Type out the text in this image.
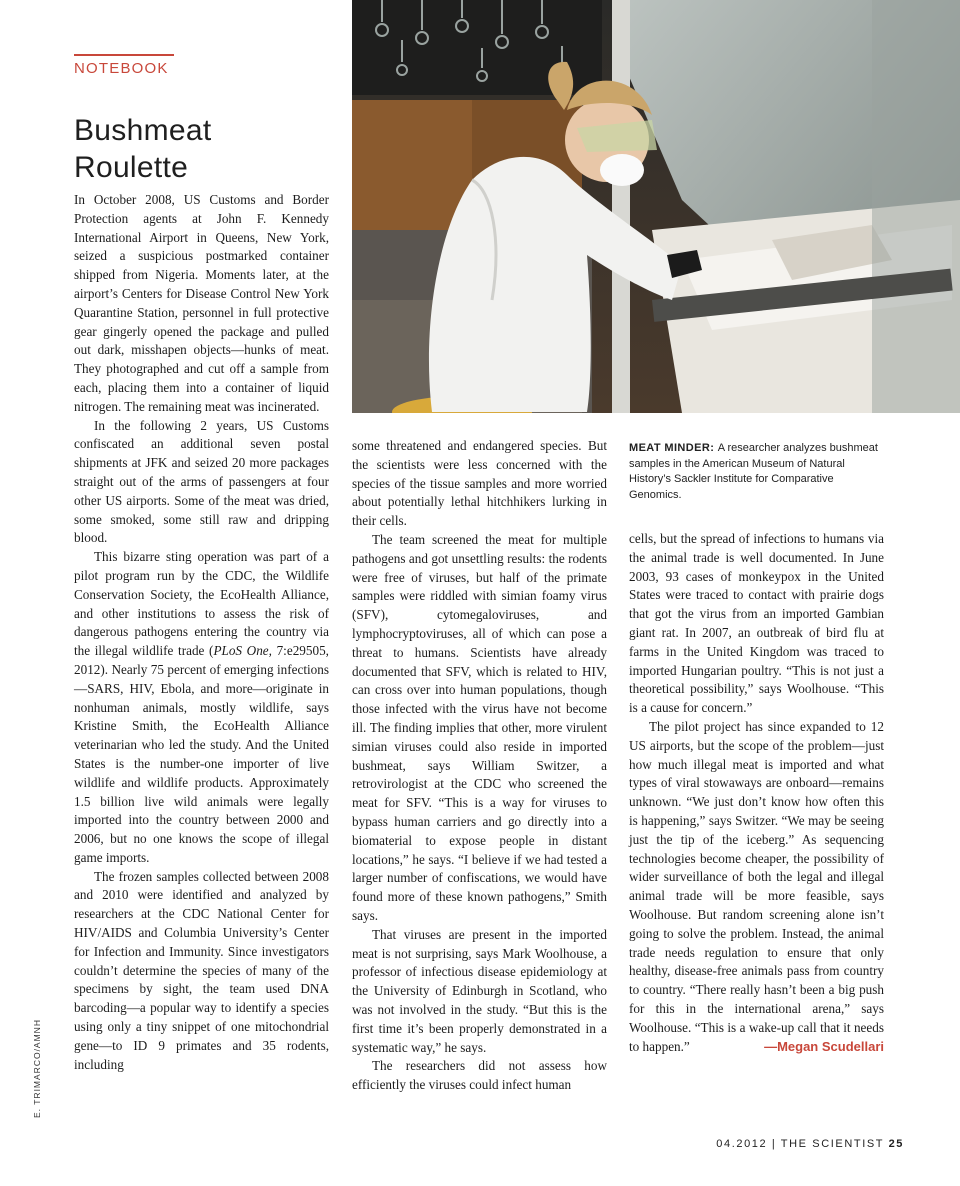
NOTEBOOK
Bushmeat
Roulette

MEAT MINDER: A researcher analyzes bushmeat samples in the American Museum of Natural History’s Sackler Institute for Comparative Genomics.

In October 2008, US Customs and Border Protection agents at John F. Kennedy International Airport in Queens, New York, seized a suspicious postmarked container shipped from Nigeria. Moments later, at the airport’s Centers for Disease Control New York Quarantine Station, personnel in full protective gear gingerly opened the package and pulled out dark, misshapen objects—hunks of meat. They photographed and cut off a sample from each, placing them into a container of liquid nitrogen. The remaining meat was incinerated.

In the following 2 years, US Customs confiscated an additional seven postal shipments at JFK and seized 20 more packages straight out of the arms of passengers at four other US airports. Some of the meat was dried, some smoked, some still raw and dripping blood.

This bizarre sting operation was part of a pilot program run by the CDC, the Wildlife Conservation Society, the EcoHealth Alliance, and other institutions to assess the risk of dangerous pathogens entering the country via the illegal wildlife trade (PLoS One, 7:e29505, 2012). Nearly 75 percent of emerging infections—SARS, HIV, Ebola, and more—originate in nonhuman animals, mostly wildlife, says Kristine Smith, the EcoHealth Alliance veterinarian who led the study. And the United States is the number-one importer of live wildlife and wildlife products. Approximately 1.5 billion live wild animals were legally imported into the country between 2000 and 2006, but no one knows the scope of illegal game imports.

The frozen samples collected between 2008 and 2010 were identified and analyzed by researchers at the CDC National Center for HIV/AIDS and Columbia University’s Center for Infection and Immunity. Since investigators couldn’t determine the species of many of the specimens by sight, the team used DNA barcoding—a popular way to identify a species using only a tiny snippet of one mitochondrial gene—to ID 9 primates and 35 rodents, including

some threatened and endangered species. But the scientists were less concerned with the species of the tissue samples and more worried about potentially lethal hitchhikers lurking in their cells.

The team screened the meat for multiple pathogens and got unsettling results: the rodents were free of viruses, but half of the primate samples were riddled with simian foamy virus (SFV), cytomegaloviruses, and lymphocryptoviruses, all of which can pose a threat to humans. Scientists have already documented that SFV, which is related to HIV, can cross over into human populations, though those infected with the virus have not become ill. The finding implies that other, more virulent simian viruses could also reside in imported bushmeat, says William Switzer, a retrovirologist at the CDC who screened the meat for SFV. “This is a way for viruses to bypass human carriers and go directly into a biomaterial to expose people in distant locations,” he says. “I believe if we had tested a larger number of confiscations, we would have found more of these known pathogens,” Smith says.

That viruses are present in the imported meat is not surprising, says Mark Woolhouse, a professor of infectious disease epidemiology at the University of Edinburgh in Scotland, who was not involved in the study. “But this is the first time it’s been properly demonstrated in a systematic way,” he says.

The researchers did not assess how efficiently the viruses could infect human

cells, but the spread of infections to humans via the animal trade is well documented. In June 2003, 93 cases of monkeypox in the United States were traced to contact with prairie dogs that got the virus from an imported Gambian giant rat. In 2007, an outbreak of bird flu at farms in the United Kingdom was traced to imported Hungarian poultry. “This is not just a theoretical possibility,” says Woolhouse. “This is a cause for concern.”

The pilot project has since expanded to 12 US airports, but the scope of the problem—just how much illegal meat is imported and what types of viral stowaways are onboard—remains unknown. “We just don’t know how often this is happening,” says Switzer. “We may be seeing just the tip of the iceberg.” As sequencing technologies become cheaper, the possibility of wider surveillance of both the legal and illegal animal trade will be more feasible, says Woolhouse. But random screening alone isn’t going to solve the problem. Instead, the animal trade needs regulation to ensure that only healthy, disease-free animals pass from country to country. “There really hasn’t been a big push for this in the international arena,” says Woolhouse. “This is a wake-up call that it needs to happen.”	—Megan Scudellari

E. TRIMARCO/AMNH
04.2012 | THE SCIENTIST 25
